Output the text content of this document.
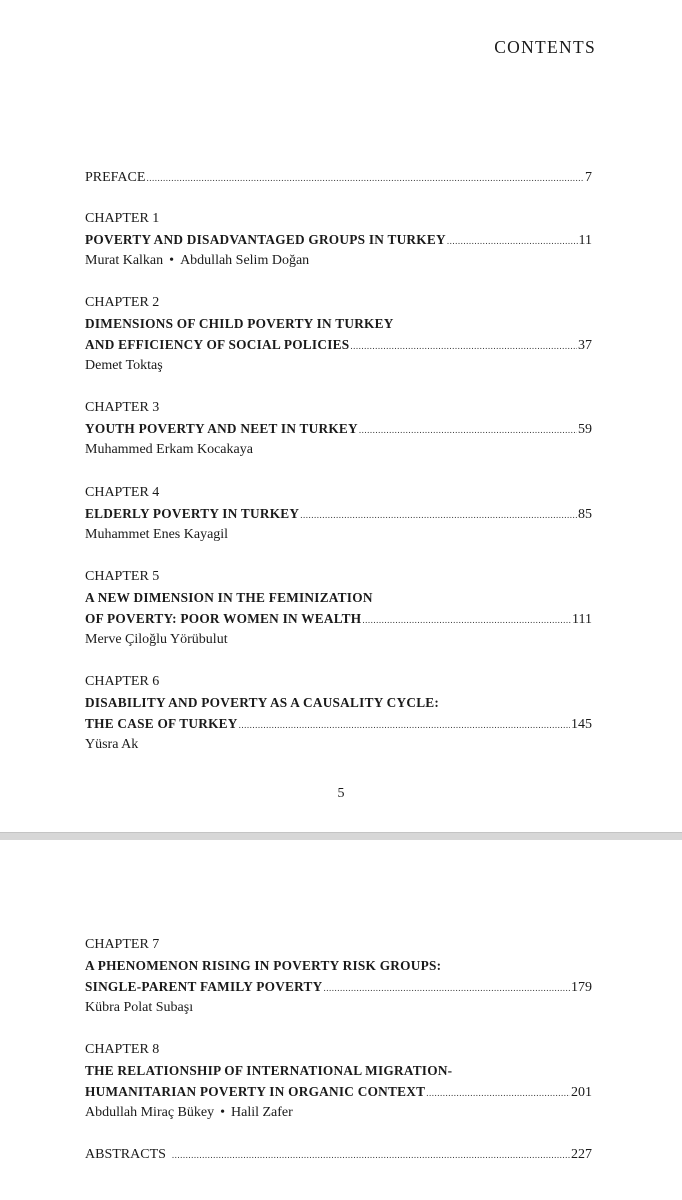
CONTENTS
PREFACE .....	7
CHAPTER 1
POVERTY AND DISADVANTAGED GROUPS IN TURKEY .....	11
Murat Kalkan • Abdullah Selim Doğan
CHAPTER 2
DIMENSIONS OF CHILD POVERTY IN TURKEY
AND EFFICIENCY OF SOCIAL POLICIES .....	37
Demet Toktaş
CHAPTER 3
YOUTH POVERTY AND NEET IN TURKEY .....	59
Muhammed Erkam Kocakaya
CHAPTER 4
ELDERLY POVERTY IN TURKEY .....	85
Muhammet Enes Kayagil
CHAPTER 5
A NEW DIMENSION IN THE FEMINIZATION
OF POVERTY: POOR WOMEN IN WEALTH .....	111
Merve Çiloğlu Yörübulut
CHAPTER 6
DISABILITY AND POVERTY AS A CAUSALITY CYCLE:
THE CASE OF TURKEY .....	145
Yüsra Ak
5
CHAPTER 7
A PHENOMENON RISING IN POVERTY RISK GROUPS:
SINGLE-PARENT FAMILY POVERTY .....	179
Kübra Polat Subaşı
CHAPTER 8
THE RELATIONSHIP OF INTERNATIONAL MIGRATION-
HUMANITARIAN POVERTY IN ORGANIC CONTEXT .....	201
Abdullah Miraç Bükey • Halil Zafer
ABSTRACTS .....	227
